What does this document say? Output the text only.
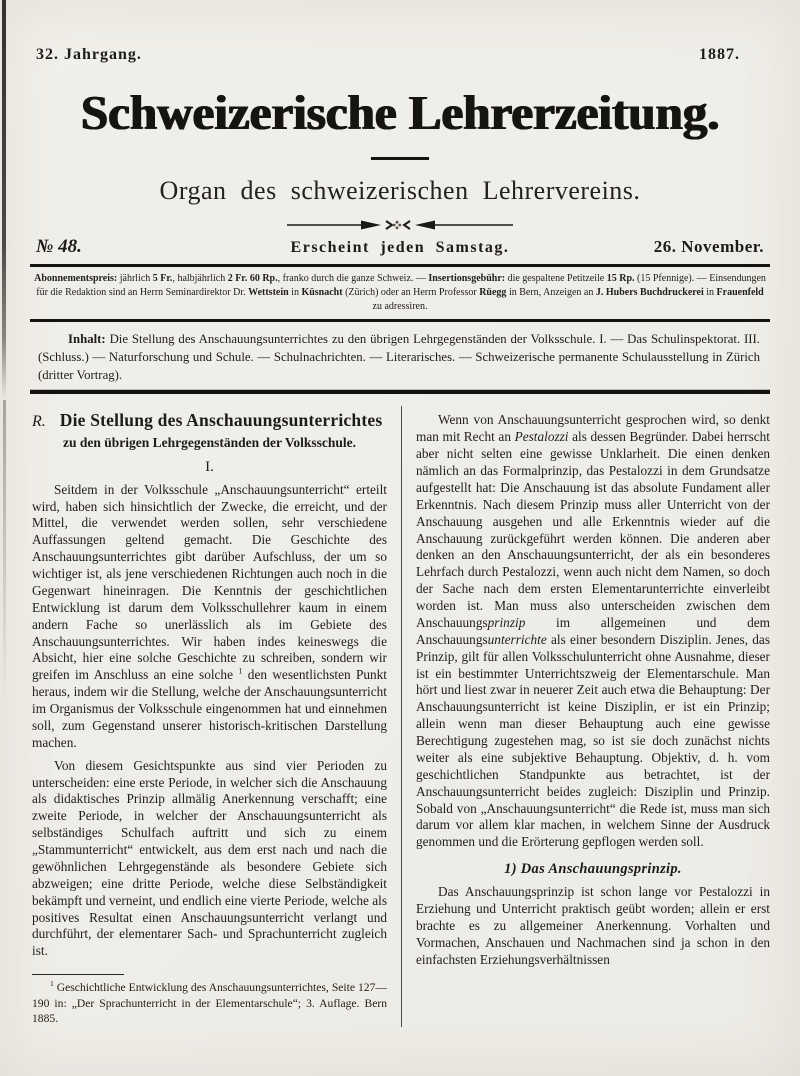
32. Jahrgang.	1887.
Schweizerische Lehrerzeitung.
Organ des schweizerischen Lehrervereins.
№ 48.	Erscheint jeden Samstag.	26. November.

Abonnementspreis: jährlich 5 Fr., halbjährlich 2 Fr. 60 Rp., franko durch die ganze Schweiz. — Insertionsgebühr: die gespaltene Petitzeile 15 Rp. (15 Pfennige). — Einsendungen für die Redaktion sind an Herrn Seminardirektor Dr. Wettstein in Küsnacht (Zürich) oder an Herrn Professor Rüegg in Bern, Anzeigen an J. Hubers Buchdruckerei in Frauenfeld zu adressiren.

Inhalt: Die Stellung des Anschauungsunterrichtes zu den übrigen Lehrgegenständen der Volksschule. I. — Das Schulinspektorat. III. (Schluss.) — Naturforschung und Schule. — Schulnachrichten. — Literarisches. — Schweizerische permanente Schulausstellung in Zürich (dritter Vortrag).

R. Die Stellung des Anschauungsunterrichtes
zu den übrigen Lehrgegenständen der Volksschule.
I.

Seitdem in der Volksschule „Anschauungsunterricht“ erteilt wird, haben sich hinsichtlich der Zwecke, die erreicht, und der Mittel, die verwendet werden sollen, sehr verschiedene Auffassungen geltend gemacht. Die Geschichte des Anschauungsunterrichtes gibt darüber Aufschluss, der um so wichtiger ist, als jene verschiedenen Richtungen auch noch in die Gegenwart hineinragen. Die Kenntnis der geschichtlichen Entwicklung ist darum dem Volksschullehrer kaum in einem andern Fache so unerlässlich als im Gebiete des Anschauungsunterrichtes. Wir haben indes keineswegs die Absicht, hier eine solche Geschichte zu schreiben, sondern wir greifen im Anschluss an eine solche $^1$ den wesentlichsten Punkt heraus, indem wir die Stellung, welche der Anschauungsunterricht im Organismus der Volksschule eingenommen hat und einnehmen soll, zum Gegenstand unserer historisch-kritischen Darstellung machen.

Von diesem Gesichtspunkte aus sind vier Perioden zu unterscheiden: eine erste Periode, in welcher sich die Anschauung als didaktisches Prinzip allmälig Anerkennung verschafft; eine zweite Periode, in welcher der Anschauungsunterricht als selbständiges Schulfach auftritt und sich zu einem „Stammunterricht“ entwickelt, aus dem erst nach und nach die gewöhnlichen Lehrgegenstände als besondere Gebiete sich abzweigen; eine dritte Periode, welche diese Selbständigkeit bekämpft und verneint, und endlich eine vierte Periode, welche als positives Resultat einen Anschauungsunterricht verlangt und durchführt, der elementarer Sach- und Sprachunterricht zugleich ist.

$^1$ Geschichtliche Entwicklung des Anschauungsunterrichtes, Seite 127—190 in: „Der Sprachunterricht in der Elementarschule“; 3. Auflage. Bern 1885.

Wenn von Anschauungsunterricht gesprochen wird, so denkt man mit Recht an Pestalozzi als dessen Begründer. Dabei herrscht aber nicht selten eine gewisse Unklarheit. Die einen denken nämlich an das Formalprinzip, das Pestalozzi in dem Grundsatze aufgestellt hat: Die Anschauung ist das absolute Fundament aller Erkenntnis. Nach diesem Prinzip muss aller Unterricht von der Anschauung ausgehen und alle Erkenntnis wieder auf die Anschauung zurückgeführt werden können. Die anderen aber denken an den Anschauungsunterricht, der als ein besonderes Lehrfach durch Pestalozzi, wenn auch nicht dem Namen, so doch der Sache nach dem ersten Elementarunterrichte einverleibt worden ist. Man muss also unterscheiden zwischen dem Anschauungsprinzip im allgemeinen und dem Anschauungsunterrichte als einer besondern Disziplin. Jenes, das Prinzip, gilt für allen Volksschulunterricht ohne Ausnahme, dieser ist ein bestimmter Unterrichtszweig der Elementarschule. Man hört und liest zwar in neuerer Zeit auch etwa die Behauptung: Der Anschauungsunterricht ist keine Disziplin, er ist ein Prinzip; allein wenn man dieser Behauptung auch eine gewisse Berechtigung zugestehen mag, so ist sie doch zunächst nichts weiter als eine subjektive Behauptung. Objektiv, d. h. vom geschichtlichen Standpunkte aus betrachtet, ist der Anschauungsunterricht beides zugleich: Disziplin und Prinzip. Sobald von „Anschauungsunterricht“ die Rede ist, muss man sich darum vor allem klar machen, in welchem Sinne der Ausdruck genommen und die Erörterung gepflogen werden soll.

1) Das Anschauungsprinzip.

Das Anschauungsprinzip ist schon lange vor Pestalozzi in Erziehung und Unterricht praktisch geübt worden; allein er erst brachte es zu allgemeiner Anerkennung. Vorhalten und Vormachen, Anschauen und Nachmachen sind ja schon in den einfachsten Erziehungsverhältnissen
